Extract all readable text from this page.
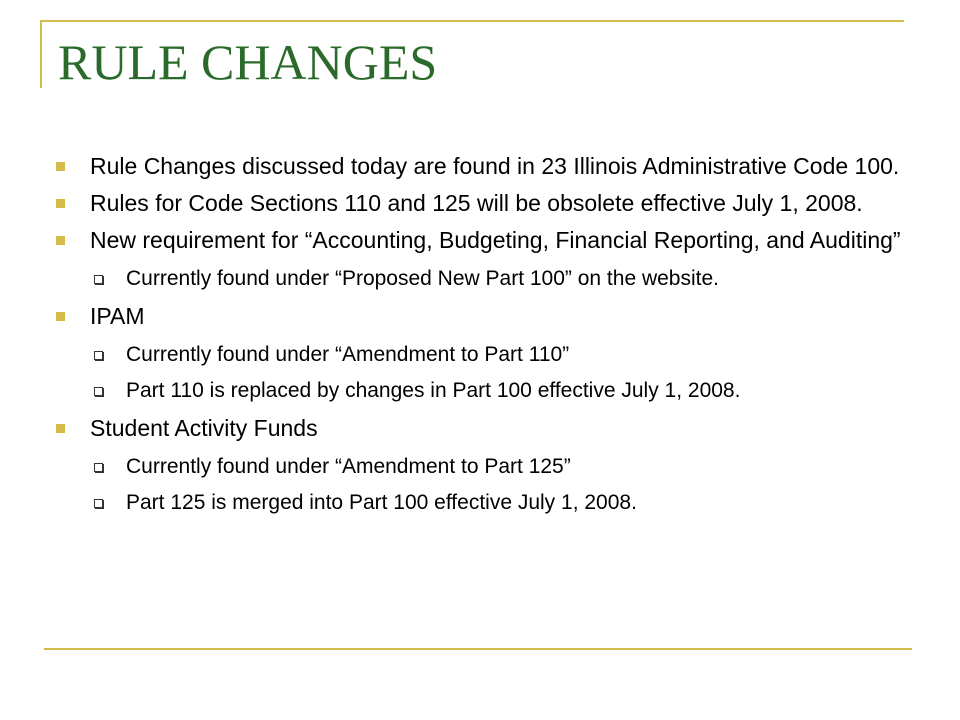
RULE CHANGES
Rule Changes discussed today are found in 23 Illinois Administrative Code 100.
Rules for Code Sections 110 and 125 will be obsolete effective July 1, 2008.
New requirement for “Accounting, Budgeting, Financial Reporting, and Auditing”
Currently found under “Proposed New Part 100” on the website.
IPAM
Currently found under “Amendment to Part 110”
Part 110 is replaced by changes in Part 100 effective July 1, 2008.
Student Activity Funds
Currently found under “Amendment to Part 125”
Part 125 is merged into Part 100 effective July 1, 2008.
